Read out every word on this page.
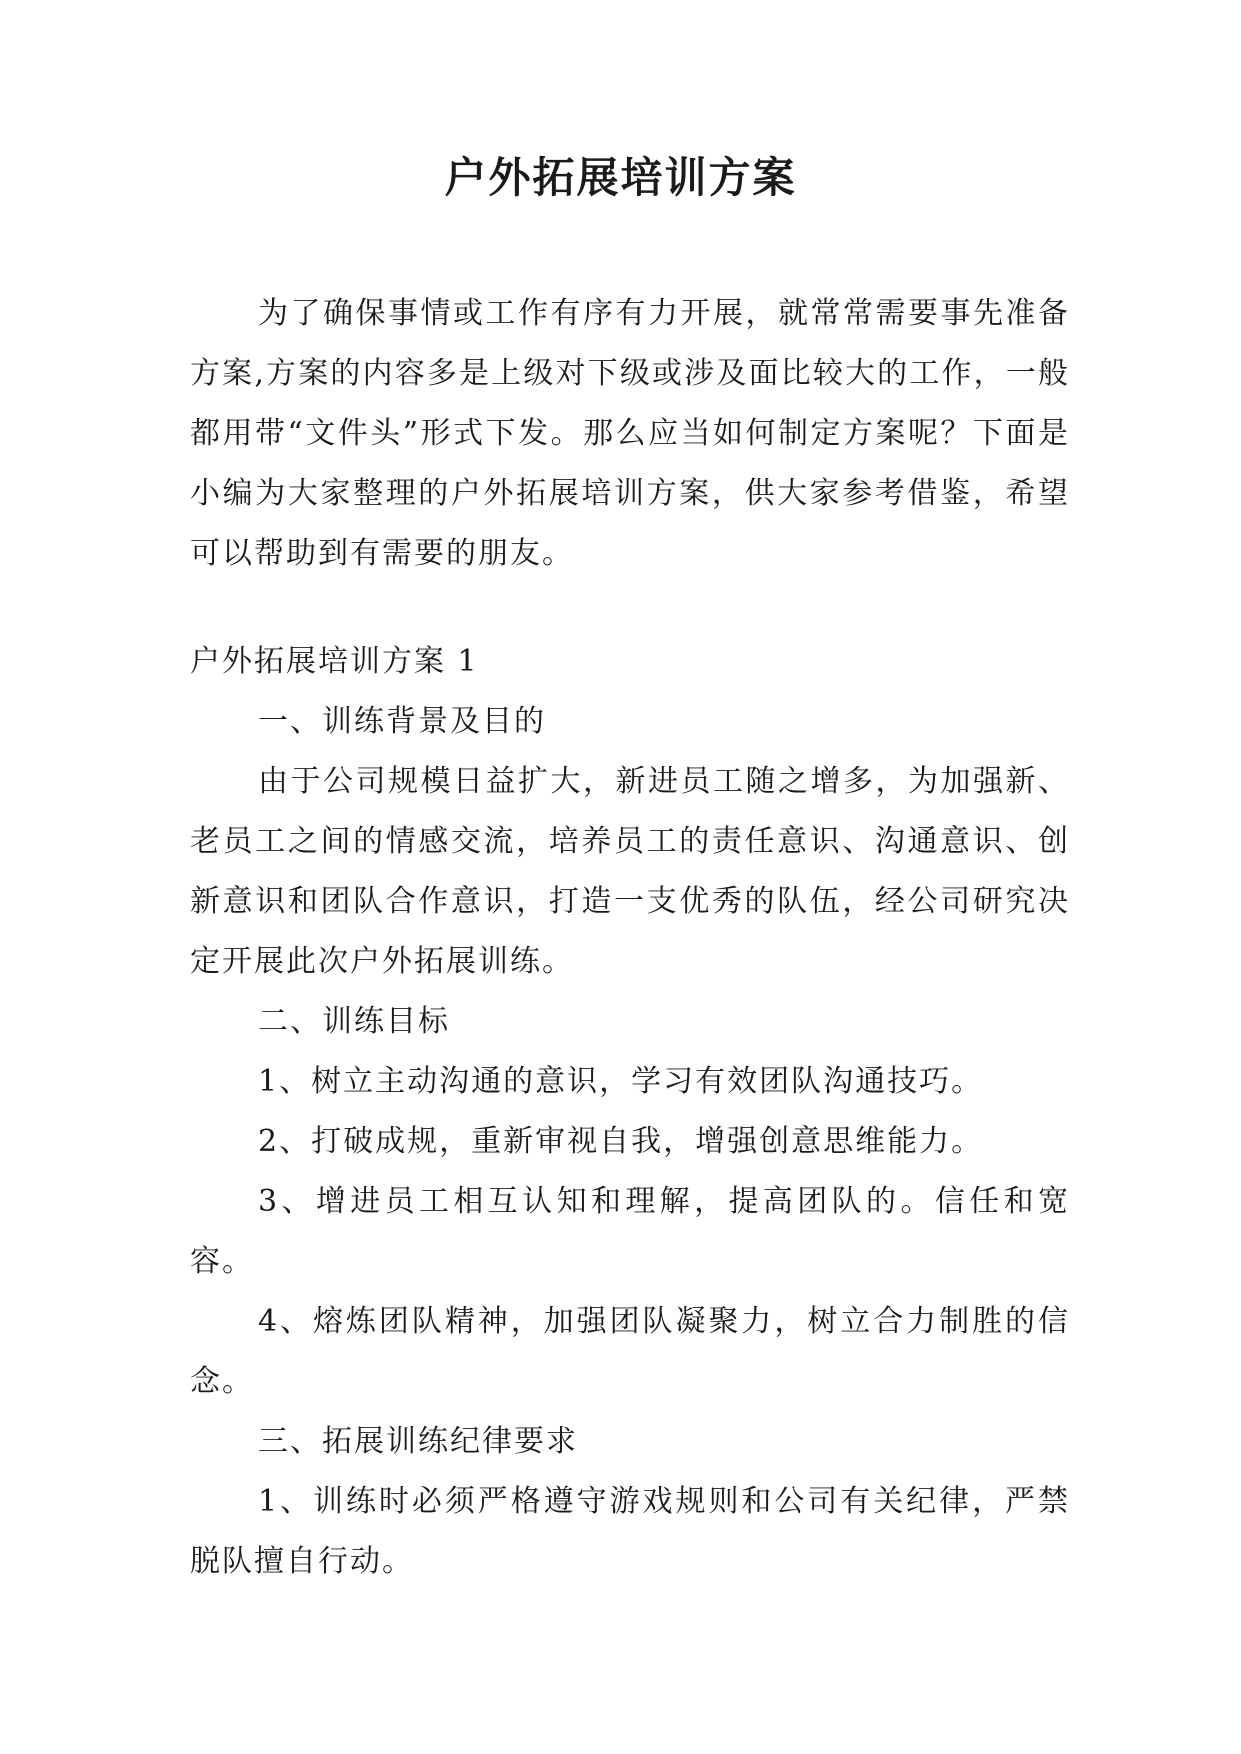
户外拓展培训方案

为了确保事情或工作有序有力开展，就常常需要事先准备方案,方案的内容多是上级对下级或涉及面比较大的工作，一般都用带“文件头”形式下发。那么应当如何制定方案呢？下面是小编为大家整理的户外拓展培训方案，供大家参考借鉴，希望可以帮助到有需要的朋友。

户外拓展培训方案 1

一、训练背景及目的

由于公司规模日益扩大，新进员工随之增多，为加强新、老员工之间的情感交流，培养员工的责任意识、沟通意识、创新意识和团队合作意识，打造一支优秀的队伍，经公司研究决定开展此次户外拓展训练。

二、训练目标

1、树立主动沟通的意识，学习有效团队沟通技巧。

2、打破成规，重新审视自我，增强创意思维能力。

3、增进员工相互认知和理解，提高团队的。信任和宽容。

4、熔炼团队精神，加强团队凝聚力，树立合力制胜的信念。

三、拓展训练纪律要求

1、训练时必须严格遵守游戏规则和公司有关纪律，严禁脱队擅自行动。
